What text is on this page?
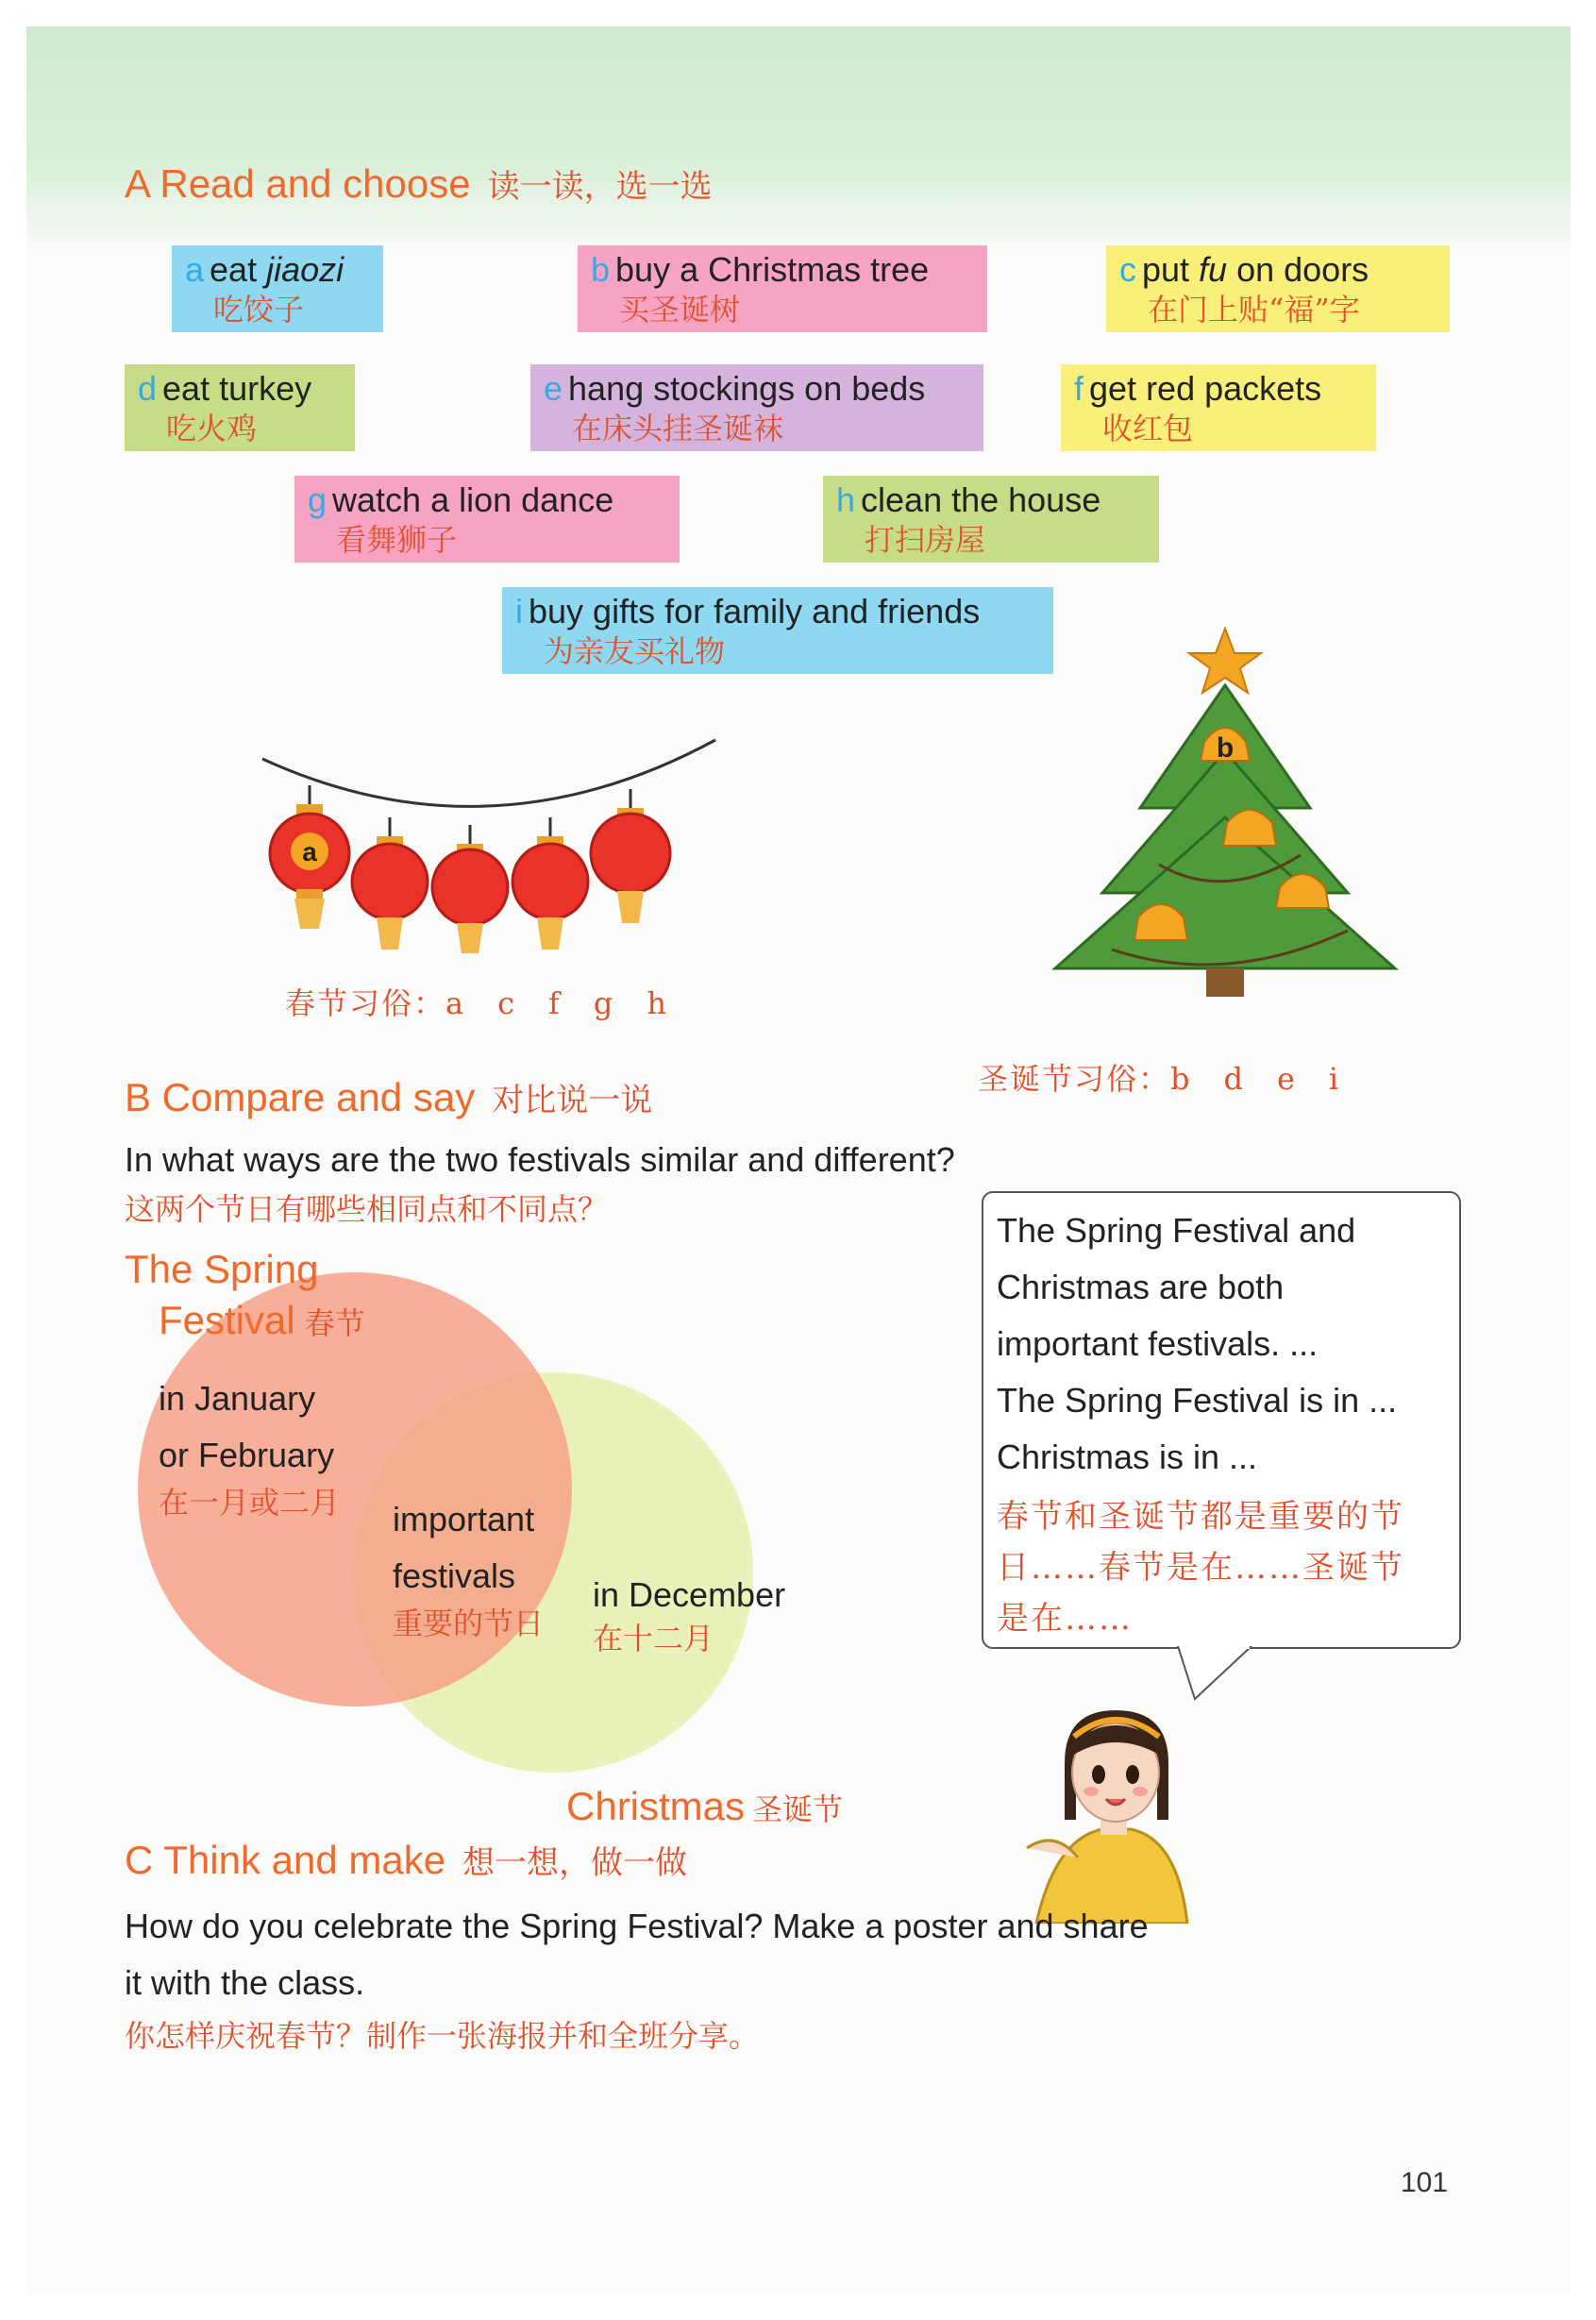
A Read and choose 读一读，选一选
a eat jiaozi
吃饺子
b buy a Christmas tree
买圣诞树
c put fu on doors
在门上贴“福”字
d eat turkey
吃火鸡
e hang stockings on beds
在床头挂圣诞袜
f get red packets
收红包
g watch a lion dance
看舞狮子
h clean the house
打扫房屋
i buy gifts for family and friends
为亲友买礼物
a
春节习俗：a　c　f　g　h
b
圣诞节习俗：b　d　e　i
B Compare and say 对比说一说
In what ways are the two festivals similar and different?
这两个节日有哪些相同点和不同点？
The Spring
Festival 春节
in January
or February
在一月或二月 important
festivals
重要的节日
in December
在十二月
Christmas 圣诞节
The Spring Festival and
Christmas are both
important festivals. ...
The Spring Festival is in ...
Christmas is in ...
春节和圣诞节都是重要的节
日……春节是在……圣诞节
是在……
C Think and make 想一想，做一做
How do you celebrate the Spring Festival? Make a poster and share
it with the class.
你怎样庆祝春节？制作一张海报并和全班分享。
101
